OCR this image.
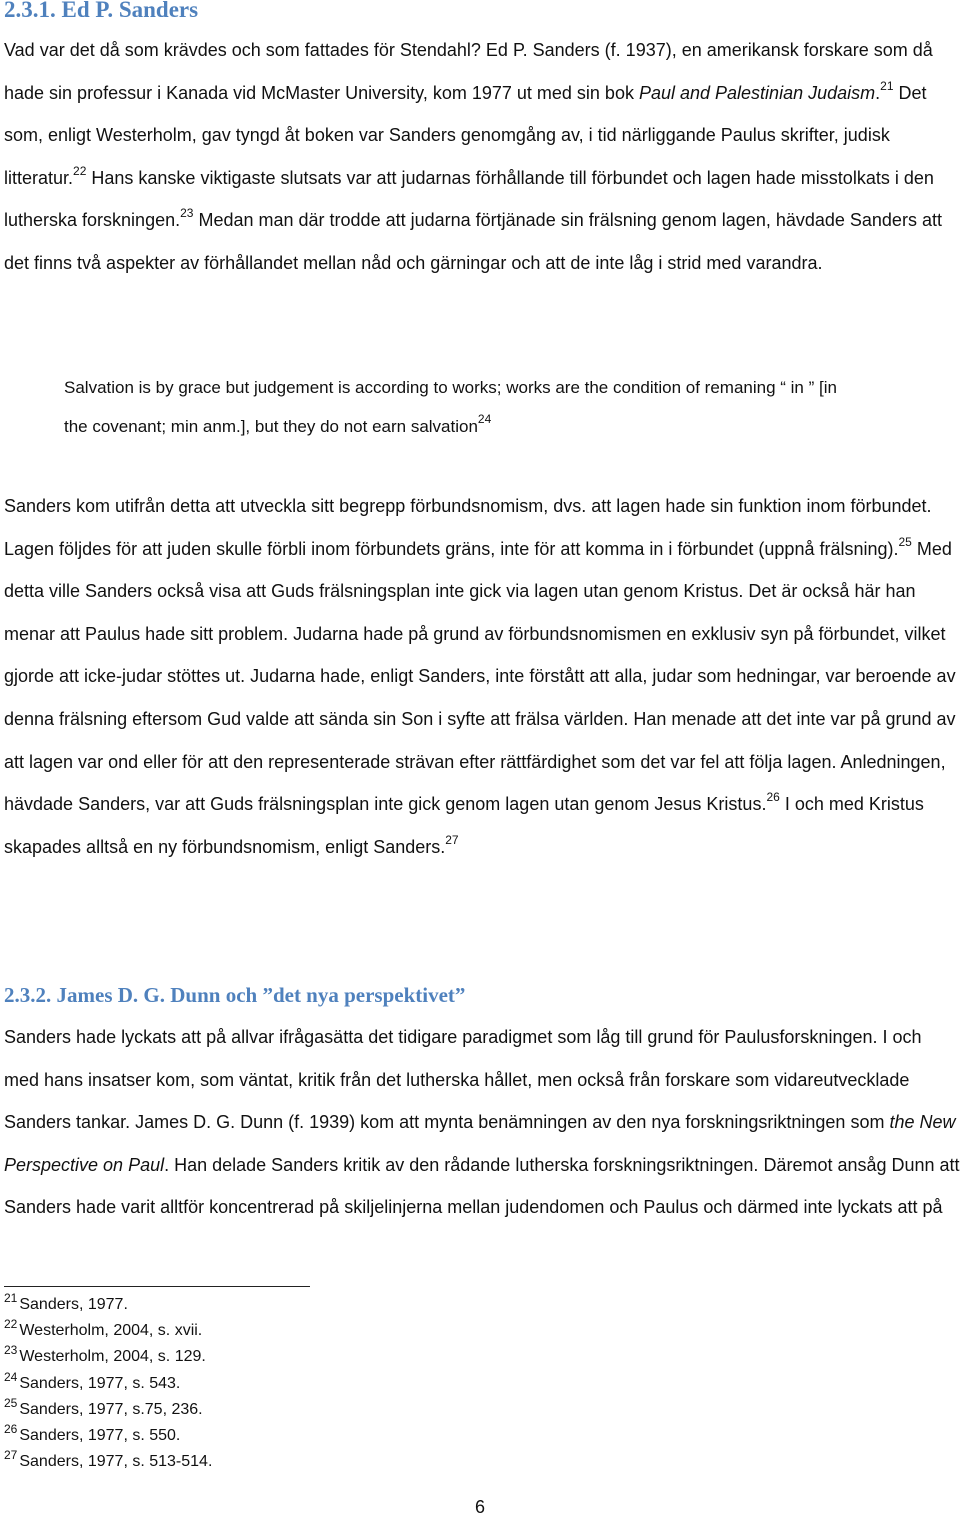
2.3.1. Ed P. Sanders

Vad var det då som krävdes och som fattades för Stendahl? Ed P. Sanders (f. 1937), en amerikansk forskare som då hade sin professur i Kanada vid McMaster University, kom 1977 ut med sin bok Paul and Palestinian Judaism.$^{21}$ Det som, enligt Westerholm, gav tyngd åt boken var Sanders genomgång av, i tid närliggande Paulus skrifter, judisk litteratur.$^{22}$ Hans kanske viktigaste slutsats var att judarnas förhållande till förbundet och lagen hade misstolkats i den lutherska forskningen.$^{23}$ Medan man där trodde att judarna förtjänade sin frälsning genom lagen, hävdade Sanders att det finns två aspekter av förhållandet mellan nåd och gärningar och att de inte låg i strid med varandra.

Salvation is by grace but judgement is according to works; works are the condition of remaning “ in ” [in the covenant; min anm.], but they do not earn salvation$^{24}$

Sanders kom utifrån detta att utveckla sitt begrepp förbundsnomism, dvs. att lagen hade sin funktion inom förbundet. Lagen följdes för att juden skulle förbli inom förbundets gräns, inte för att komma in i förbundet (uppnå frälsning).$^{25}$ Med detta ville Sanders också visa att Guds frälsningsplan inte gick via lagen utan genom Kristus. Det är också här han menar att Paulus hade sitt problem. Judarna hade på grund av förbundsnomismen en exklusiv syn på förbundet, vilket gjorde att icke-judar stöttes ut. Judarna hade, enligt Sanders, inte förstått att alla, judar som hedningar, var beroende av denna frälsning eftersom Gud valde att sända sin Son i syfte att frälsa världen. Han menade att det inte var på grund av att lagen var ond eller för att den representerade strävan efter rättfärdighet som det var fel att följa lagen. Anledningen, hävdade Sanders, var att Guds frälsningsplan inte gick genom lagen utan genom Jesus Kristus.$^{26}$ I och med Kristus skapades alltså en ny förbundsnomism, enligt Sanders.$^{27}$

2.3.2. James D. G. Dunn och ”det nya perspektivet”

Sanders hade lyckats att på allvar ifrågasätta det tidigare paradigmet som låg till grund för Paulusforskningen. I och med hans insatser kom, som väntat, kritik från det lutherska hållet, men också från forskare som vidareutvecklade Sanders tankar. James D. G. Dunn (f. 1939) kom att mynta benämningen av den nya forskningsriktningen som the New Perspective on Paul. Han delade Sanders kritik av den rådande lutherska forskningsriktningen. Däremot ansåg Dunn att Sanders hade varit alltför koncentrerad på skiljelinjerna mellan judendomen och Paulus och därmed inte lyckats att på

$^{21}$ Sanders, 1977.
$^{22}$ Westerholm, 2004, s. xvii.
$^{23}$ Westerholm, 2004, s. 129.
$^{24}$ Sanders, 1977, s. 543.
$^{25}$ Sanders, 1977, s.75, 236.
$^{26}$ Sanders, 1977, s. 550.
$^{27}$ Sanders, 1977, s. 513-514.
6
